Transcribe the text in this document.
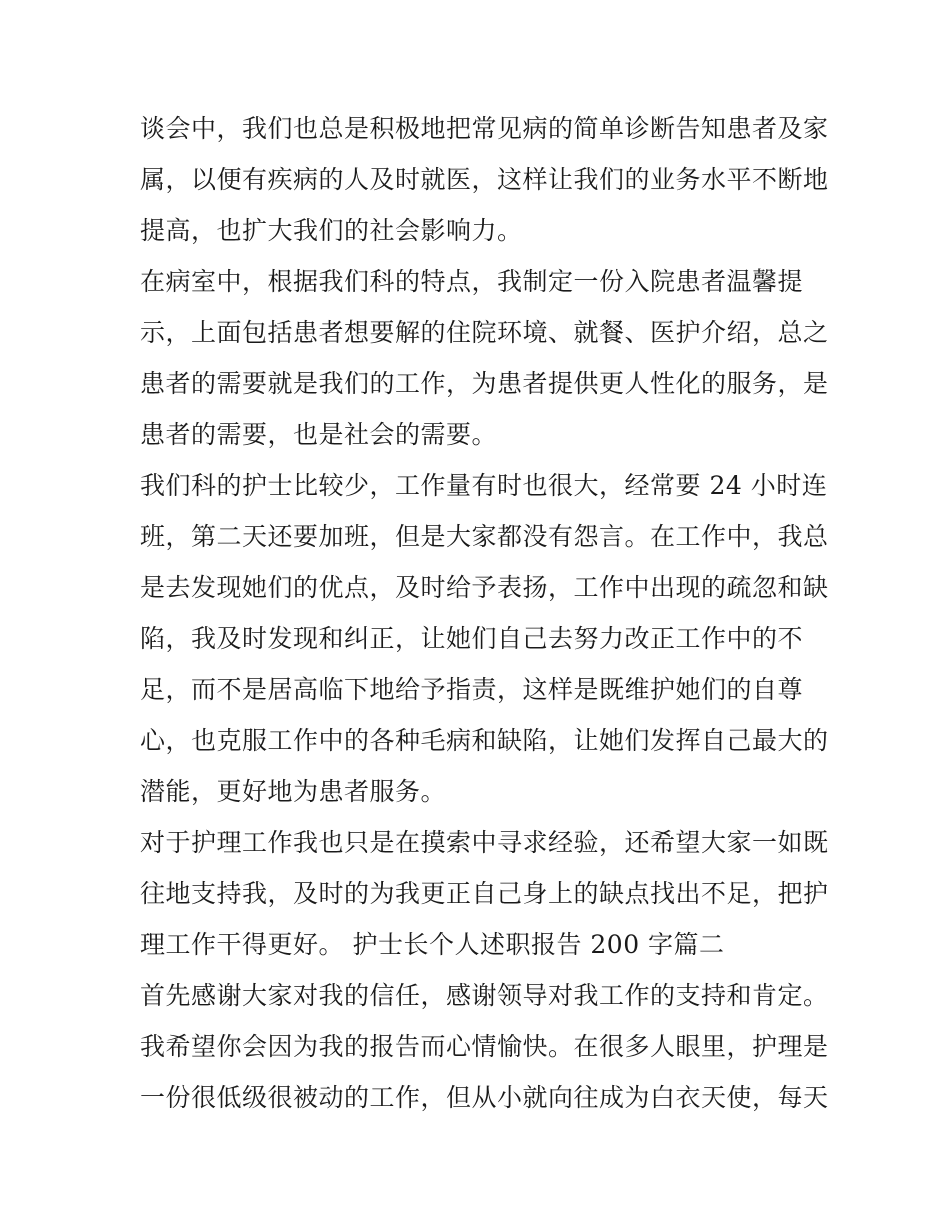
谈会中，我们也总是积极地把常见病的简单诊断告知患者及家
属，以便有疾病的人及时就医，这样让我们的业务水平不断地
提高，也扩大我们的社会影响力。
在病室中，根据我们科的特点，我制定一份入院患者温馨提
示，上面包括患者想要解的住院环境、就餐、医护介绍，总之
患者的需要就是我们的工作，为患者提供更人性化的服务，是
患者的需要，也是社会的需要。
我们科的护士比较少，工作量有时也很大，经常要 24 小时连
班，第二天还要加班，但是大家都没有怨言。在工作中，我总
是去发现她们的优点，及时给予表扬，工作中出现的疏忽和缺
陷，我及时发现和纠正，让她们自己去努力改正工作中的不
足，而不是居高临下地给予指责，这样是既维护她们的自尊
心，也克服工作中的各种毛病和缺陷，让她们发挥自己最大的
潜能，更好地为患者服务。
对于护理工作我也只是在摸索中寻求经验，还希望大家一如既
往地支持我，及时的为我更正自己身上的缺点找出不足，把护
理工作干得更好。 护士长个人述职报告 200 字篇二
首先感谢大家对我的信任，感谢领导对我工作的支持和肯定。
我希望你会因为我的报告而心情愉快。在很多人眼里，护理是
一份很低级很被动的工作，但从小就向往成为白衣天使，每天
